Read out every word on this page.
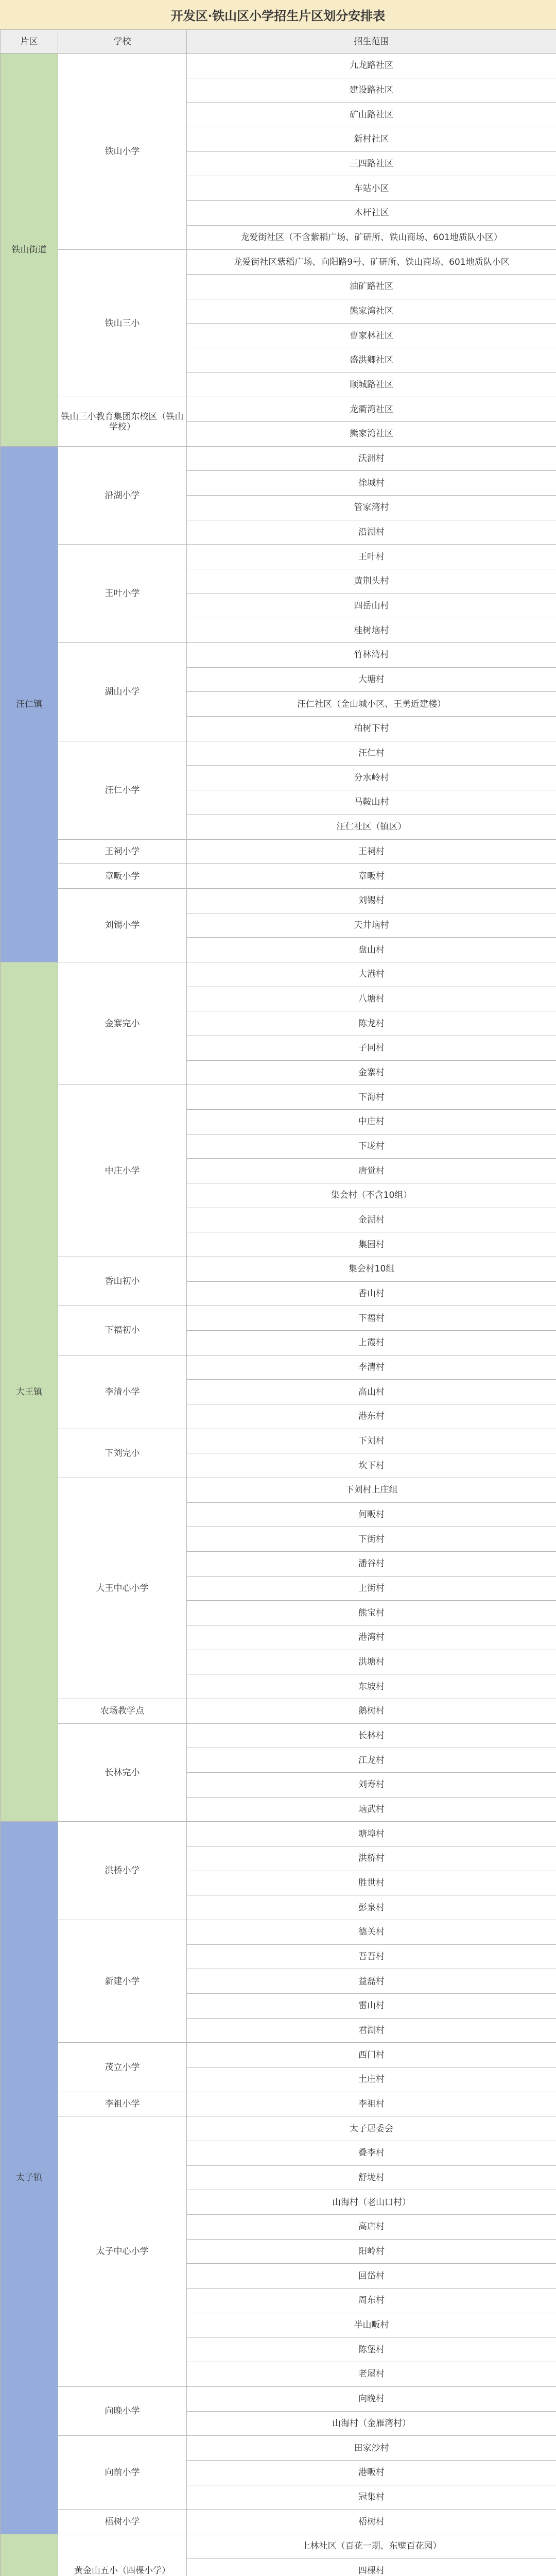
开发区·铁山区小学招生片区划分安排表
片区	学校	招生范围
铁山街道	铁山小学	九龙路社区
		建设路社区
		矿山路社区
		新村社区
		三四路社区
		车站小区
		木杆社区
		龙爱街社区（不含紫稻广场、矿研所、铁山商场、601地质队小区）
	铁山三小	龙爱街社区紫稻广场、向阳路9号、矿研所、铁山商场、601地质队小区
		油矿路社区
		熊家湾社区
		曹家林社区
		盛洪卿社区
		顺城路社区
	铁山三小教育集团东校区（铁山学校）	龙衢湾社区
		熊家湾社区
汪仁镇	沿湖小学	沃洲村
		徐城村
		管家湾村
		沿湖村
	王叶小学	王叶村
		黄荆头村
		四岳山村
		桂树垴村
	湖山小学	竹林湾村
		大塘村
		汪仁社区（金山城小区、王勇近建楼）
		柏树下村
	汪仁小学	汪仁村
		分水岭村
		马鞍山村
		汪仁社区（镇区）
	王祠小学	王祠村
	章畈小学	章畈村
	刘锡小学	刘锡村
		天井垴村
		盘山村
大王镇	金寨完小	大港村
		八塘村
		陈龙村
		子同村
		金寨村
	中庄小学	下海村
		中庄村
		下垅村
		唐觉村
		集会村（不含10组）
		金湖村
		集园村
	香山初小	集会村10组
		香山村
	下福初小	下福村
		上霞村
	李清小学	李清村
		高山村
		港东村
	下刘完小	下刘村
		坎下村
	大王中心小学	下刘村上庄组
		何畈村
		下街村
		潘谷村
		上街村
		熊宝村
		港湾村
		洪塘村
		东坡村
	农场教学点	鹅树村
	长林完小	长林村
		江龙村
		刘寿村
		垴武村
太子镇	洪桥小学	塘埠村
		洪桥村
		胜世村
		彭泉村
	新建小学	德关村
		吾吾村
		益磊村
		雷山村
		君湖村
	茂立小学	西门村
		土庄村
	李祖小学	李祖村
	太子中心小学	太子居委会
		叠李村
		舒垅村
		山海村（老山口村）
		高店村
		阳岭村
		回岱村
		周东村
		半山畈村
		陈堡村
		老屋村
	向晚小学	向晚村
		山海村（金雁湾村）
	向前小学	田家沙村
		港畈村
		冠集村
	梧树小学	梧树村
	黄金山五小（四棵小学）	上林社区（百花一期、东壁百花园）
		四棵村
